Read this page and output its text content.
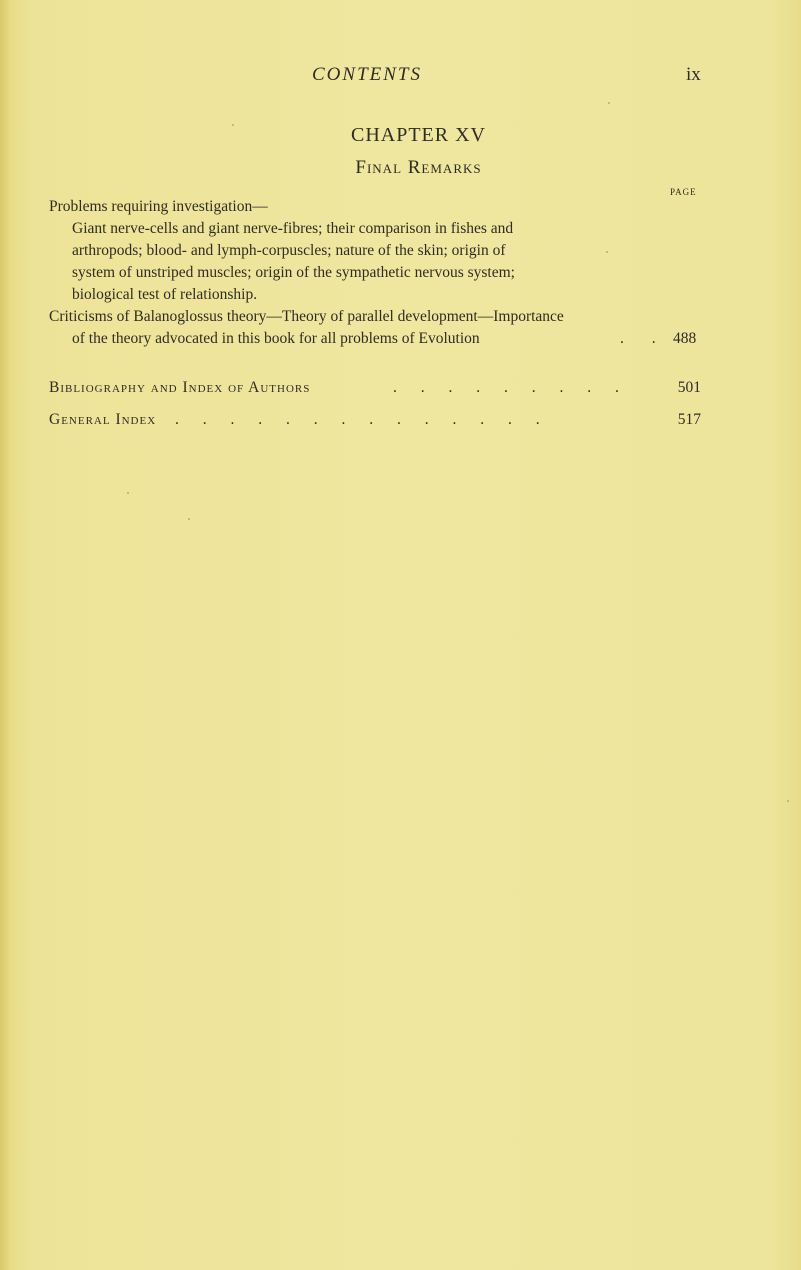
CONTENTS	ix
CHAPTER XV
Final Remarks
PAGE
Problems requiring investigation—
Giant nerve-cells and giant nerve-fibres; their comparison in fishes and
arthropods; blood- and lymph-corpuscles; nature of the skin; origin of
system of unstriped muscles; origin of the sympathetic nervous system;
biological test of relationship.
Criticisms of Balanoglossus theory—Theory of parallel development—Importance
of the theory advocated in this book for all problems of Evolution	. . 488
Bibliography and Index of Authors	. . . . . . . . .	501
General Index . . . . . . . . . . . . . .	517
